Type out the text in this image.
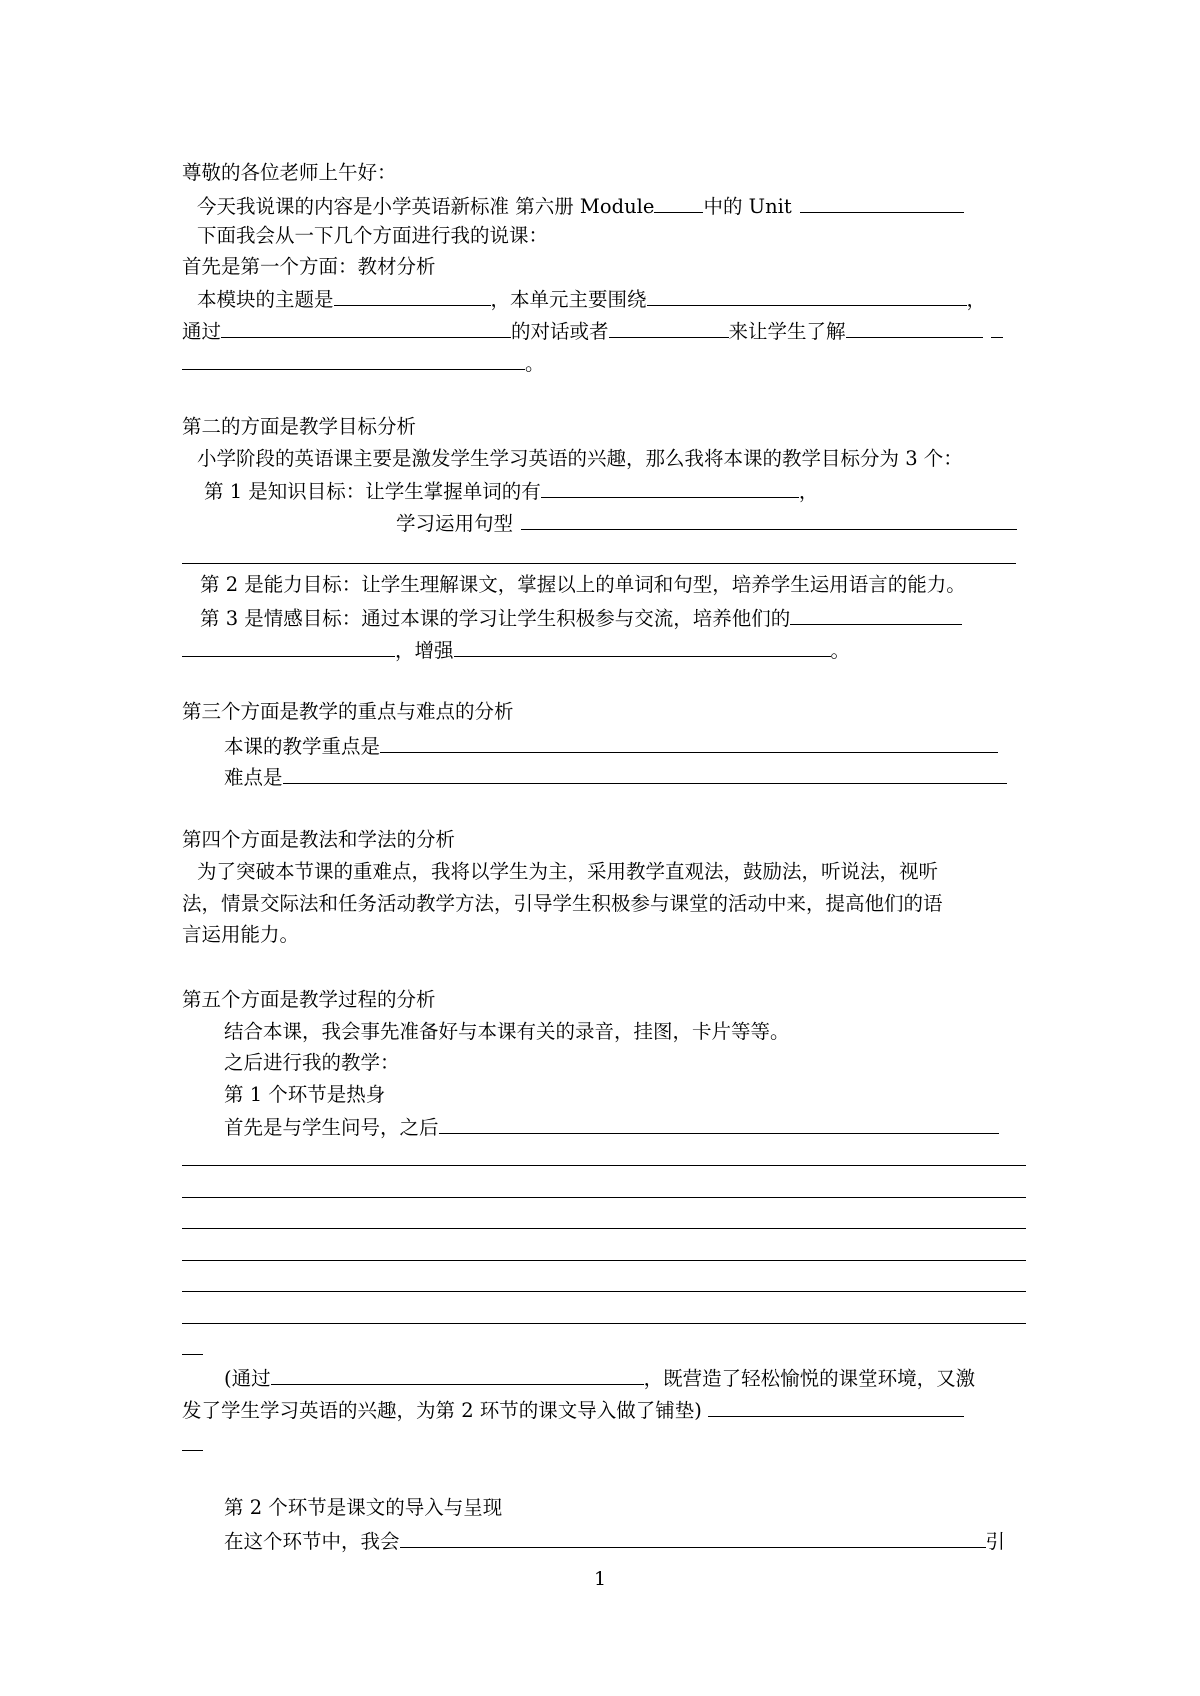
尊敬的各位老师上午好：
今天我说课的内容是小学英语新标准 第六册 Module	中的 Unit
下面我会从一下几个方面进行我的说课：
首先是第一个方面：教材分析
本模块的主题是	，本单元主要围绕	，
通过	的对话或者	来让学生了解
。
第二的方面是教学目标分析
小学阶段的英语课主要是激发学生学习英语的兴趣，那么我将本课的教学目标分为 3 个：
第 1 是知识目标：让学生掌握单词的有	，
学习运用句型
第 2 是能力目标：让学生理解课文，掌握以上的单词和句型，培养学生运用语言的能力。
第 3 是情感目标：通过本课的学习让学生积极参与交流，培养他们的
，增强	。
第三个方面是教学的重点与难点的分析
本课的教学重点是
难点是
第四个方面是教法和学法的分析
为了突破本节课的重难点，我将以学生为主，采用教学直观法，鼓励法，听说法，视听
法，情景交际法和任务活动教学方法，引导学生积极参与课堂的活动中来，提高他们的语
言运用能力。
第五个方面是教学过程的分析
结合本课，我会事先准备好与本课有关的录音，挂图，卡片等等。
之后进行我的教学：
第 1 个环节是热身
首先是与学生问号，之后
(通过	，既营造了轻松愉悦的课堂环境，又激
发了学生学习英语的兴趣，为第 2 环节的课文导入做了铺垫)
第 2 个环节是课文的导入与呈现
在这个环节中，我会	引
1
